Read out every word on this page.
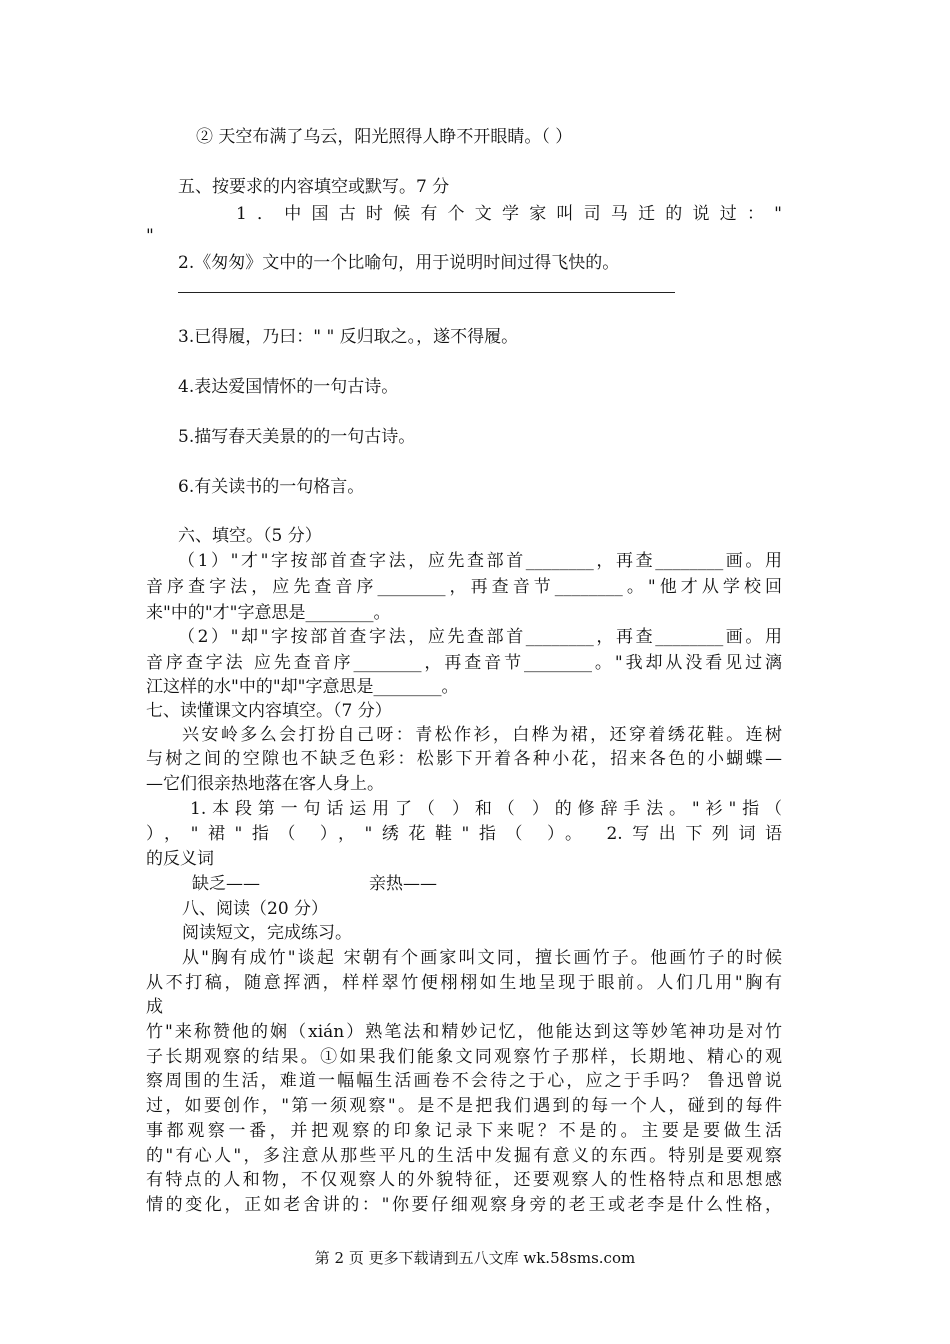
② 天空布满了乌云，阳光照得人睁不开眼睛。（ ）
五、按要求的内容填空或默写。7 分
1．中国古时候有个文学家叫司马迁的说过："
"
2.《匆匆》文中的一个比喻句，用于说明时间过得飞快的。
3.已得履，乃曰：" " 反归取之。，遂不得履。
4.表达爱国情怀的一句古诗。
5.描写春天美景的的一句古诗。
6.有关读书的一句格言。
六、填空。（5 分）
（1）"才"字按部首查字法，应先查部首________，再查________画。用
音序查字法，应先查音序________，再查音节________。"他才从学校回
来"中的"才"字意思是________。
（2）"却"字按部首查字法，应先查部首________，再查________画。用
音序查字法 应先查音序________，再查音节________。"我却从没看见过漓
江这样的水"中的"却"字意思是________。
七、读懂课文内容填空。（7 分）
兴安岭多么会打扮自己呀：青松作衫，白桦为裙，还穿着绣花鞋。连树
与树之间的空隙也不缺乏色彩：松影下开着各种小花，招来各色的小蝴蝶—
—它们很亲热地落在客人身上。
1.本段第一句话运用了（ ）和（ ）的修辞手法。"衫"指（
），"裙"指（ ），"绣花鞋"指（ ）。 2.写出下列词语
的反义词
缺乏——	亲热——
八、阅读（20 分）
阅读短文，完成练习。
从"胸有成竹"谈起 宋朝有个画家叫文同，擅长画竹子。他画竹子的时候
从不打稿，随意挥洒，样样翠竹便栩栩如生地呈现于眼前。人们几用"胸有
成
竹"来称赞他的娴（xián）熟笔法和精妙记忆，他能达到这等妙笔神功是对竹
子长期观察的结果。①如果我们能象文同观察竹子那样，长期地、精心的观
察周围的生活，难道一幅幅生活画卷不会待之于心，应之于手吗？ 鲁迅曾说
过，如要创作，"第一须观察"。是不是把我们遇到的每一个人，碰到的每件
事都观察一番，并把观察的印象记录下来呢？不是的。主要是要做生活
的"有心人"，多注意从那些平凡的生活中发掘有意义的东西。特别是要观察
有特点的人和物，不仅观察人的外貌特征，还要观察人的性格特点和思想感
情的变化，正如老舍讲的："你要仔细观察身旁的老王或老李是什么性格，
第 2 页 更多下载请到五八文库 wk.58sms.com
